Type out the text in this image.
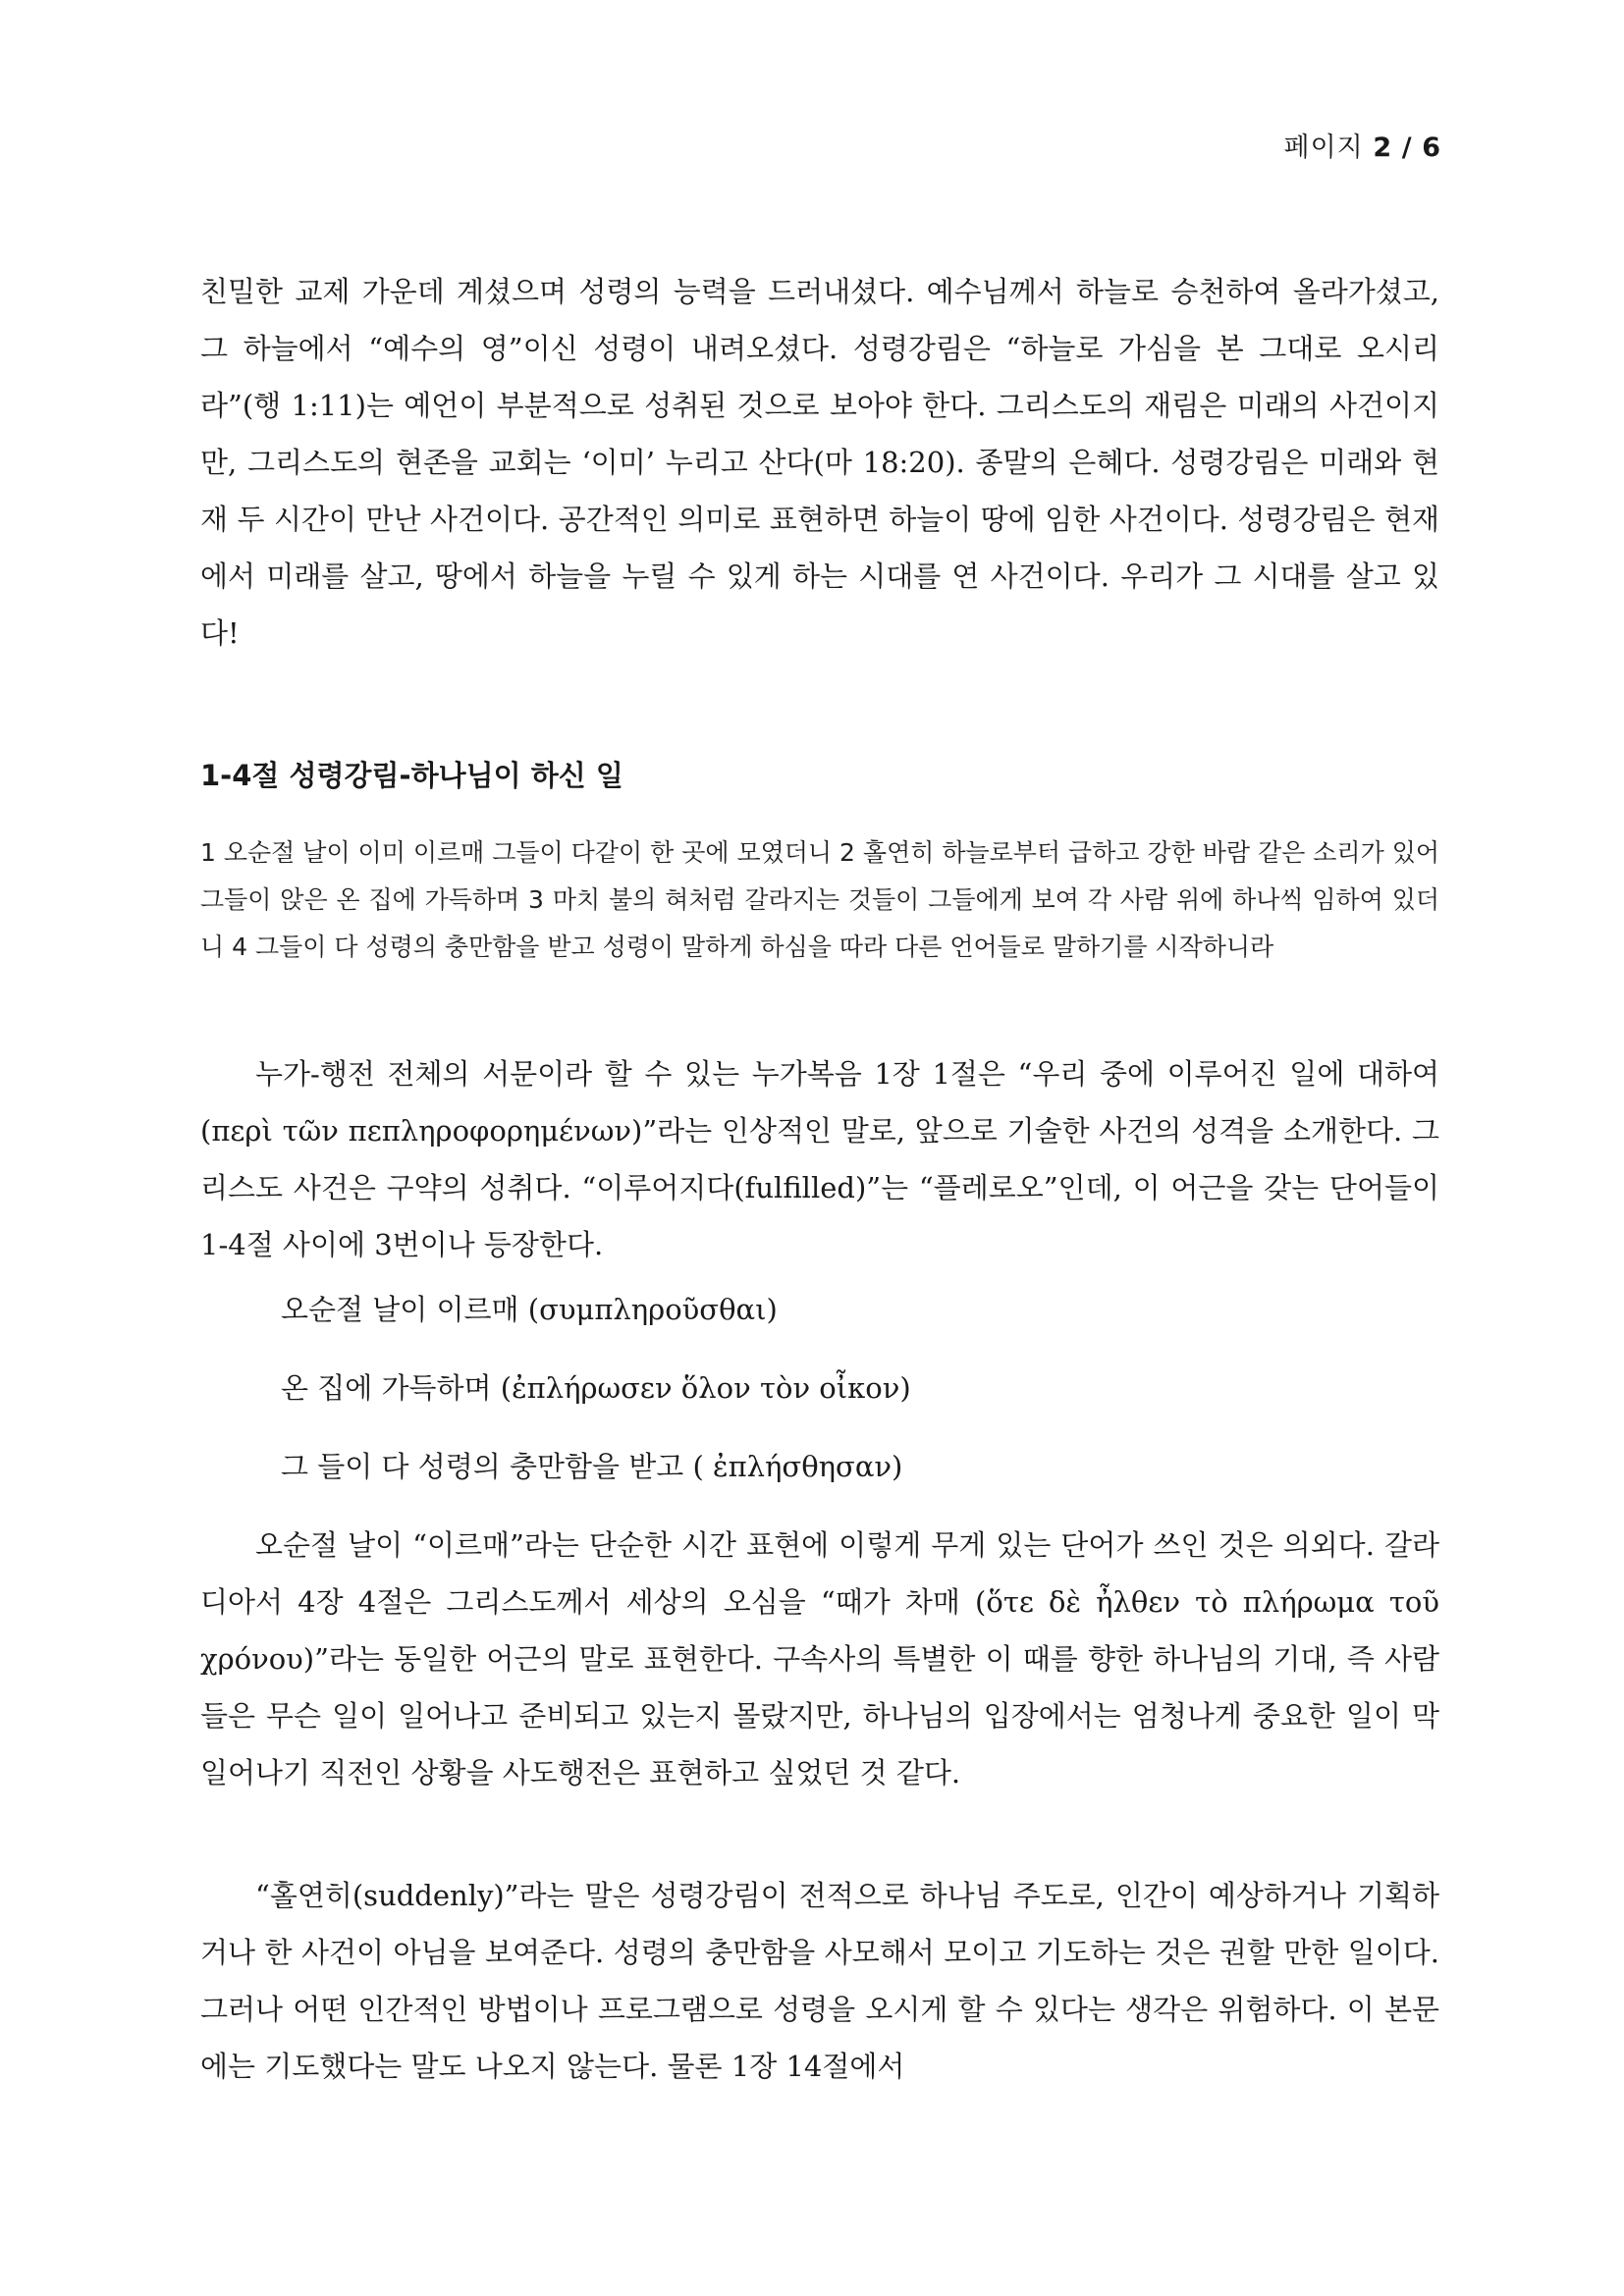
페이지 2 / 6

친밀한 교제 가운데 계셨으며 성령의 능력을 드러내셨다. 예수님께서 하늘로 승천하여 올라가셨고, 그 하늘에서 “예수의 영”이신 성령이 내려오셨다. 성령강림은 “하늘로 가심을 본 그대로 오시리라”(행 1:11)는 예언이 부분적으로 성취된 것으로 보아야 한다. 그리스도의 재림은 미래의 사건이지만, 그리스도의 현존을 교회는 ‘이미’ 누리고 산다(마 18:20). 종말의 은혜다. 성령강림은 미래와 현재 두 시간이 만난 사건이다. 공간적인 의미로 표현하면 하늘이 땅에 임한 사건이다. 성령강림은 현재에서 미래를 살고, 땅에서 하늘을 누릴 수 있게 하는 시대를 연 사건이다. 우리가 그 시대를 살고 있다!

1-4절 성령강림-하나님이 하신 일

1 오순절 날이 이미 이르매 그들이 다같이 한 곳에 모였더니 2 홀연히 하늘로부터 급하고 강한 바람 같은 소리가 있어 그들이 앉은 온 집에 가득하며 3 마치 불의 혀처럼 갈라지는 것들이 그들에게 보여 각 사람 위에 하나씩 임하여 있더니 4 그들이 다 성령의 충만함을 받고 성령이 말하게 하심을 따라 다른 언어들로 말하기를 시작하니라

누가-행전 전체의 서문이라 할 수 있는 누가복음 1장 1절은 “우리 중에 이루어진 일에 대하여(περὶ τῶν πεπληροφορημένων)”라는 인상적인 말로, 앞으로 기술한 사건의 성격을 소개한다. 그리스도 사건은 구약의 성취다. “이루어지다(fulfilled)”는 “플레로오”인데, 이 어근을 갖는 단어들이 1-4절 사이에 3번이나 등장한다.

오순절 날이 이르매 (συμπληροῦσθαι)

온 집에 가득하며 (ἐπλήρωσεν ὅλον τὸν οἶκον)

그 들이 다 성령의 충만함을 받고 ( ἐπλήσθησαν)

오순절 날이 “이르매”라는 단순한 시간 표현에 이렇게 무게 있는 단어가 쓰인 것은 의외다. 갈라디아서 4장 4절은 그리스도께서 세상의 오심을 “때가 차매 (ὅτε δὲ ἦλθεν τὸ πλήρωμα τοῦ χρόνου)”라는 동일한 어근의 말로 표현한다. 구속사의 특별한 이 때를 향한 하나님의 기대, 즉 사람들은 무슨 일이 일어나고 준비되고 있는지 몰랐지만, 하나님의 입장에서는 엄청나게 중요한 일이 막 일어나기 직전인 상황을 사도행전은 표현하고 싶었던 것 같다.

“홀연히(suddenly)”라는 말은 성령강림이 전적으로 하나님 주도로, 인간이 예상하거나 기획하거나 한 사건이 아님을 보여준다. 성령의 충만함을 사모해서 모이고 기도하는 것은 권할 만한 일이다. 그러나 어떤 인간적인 방법이나 프로그램으로 성령을 오시게 할 수 있다는 생각은 위험하다. 이 본문에는 기도했다는 말도 나오지 않는다. 물론 1장 14절에서
